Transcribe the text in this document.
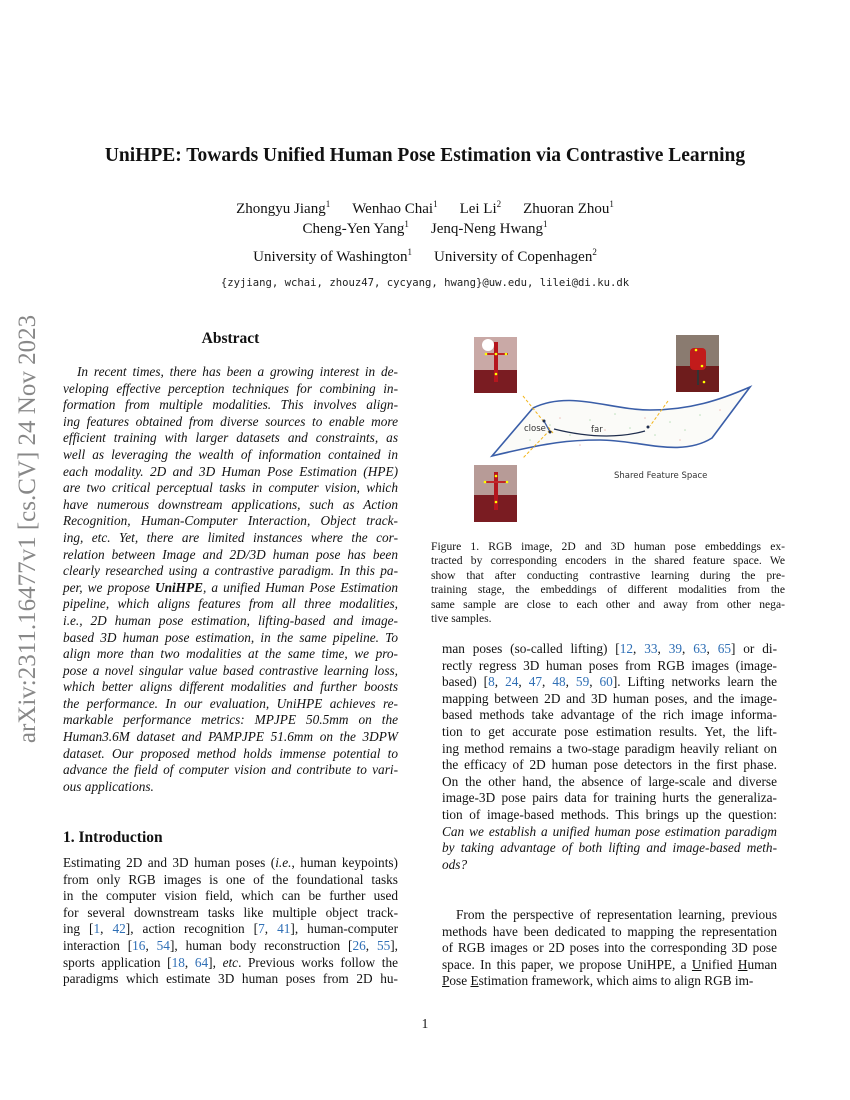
arXiv:2311.16477v1 [cs.CV] 24 Nov 2023
UniHPE: Towards Unified Human Pose Estimation via Contrastive Learning
Zhongyu Jiang$^1$ Wenhao Chai$^1$ Lei Li$^2$ Zhuoran Zhou$^1$
Cheng-Yen Yang$^1$ Jenq-Neng Hwang$^1$
University of Washington$^1$ University of Copenhagen$^2$
{zyjiang, wchai, zhouz47, cycyang, hwang}@uw.edu, lilei@di.ku.dk
Abstract
In recent times, there has been a growing interest in de-
veloping effective perception techniques for combining in-
formation from multiple modalities. This involves align-
ing features obtained from diverse sources to enable more
efficient training with larger datasets and constraints, as
well as leveraging the wealth of information contained in
each modality. 2D and 3D Human Pose Estimation (HPE)
are two critical perceptual tasks in computer vision, which
have numerous downstream applications, such as Action
Recognition, Human-Computer Interaction, Object track-
ing, etc. Yet, there are limited instances where the cor-
relation between Image and 2D/3D human pose has been
clearly researched using a contrastive paradigm. In this pa-
per, we propose UniHPE, a unified Human Pose Estimation
pipeline, which aligns features from all three modalities,
i.e., 2D human pose estimation, lifting-based and image-
based 3D human pose estimation, in the same pipeline. To
align more than two modalities at the same time, we pro-
pose a novel singular value based contrastive learning loss,
which better aligns different modalities and further boosts
the performance. In our evaluation, UniHPE achieves re-
markable performance metrics: MPJPE 50.5mm on the
Human3.6M dataset and PAMPJPE 51.6mm on the 3DPW
dataset. Our proposed method holds immense potential to
advance the field of computer vision and contribute to vari-
ous applications.
1. Introduction
Estimating 2D and 3D human poses (i.e., human keypoints)
from only RGB images is one of the foundational tasks
in the computer vision field, which can be further used
for several downstream tasks like multiple object track-
ing [1, 42], action recognition [7, 41], human-computer
interaction [16, 54], human body reconstruction [26, 55],
sports application [18, 64], etc. Previous works follow the
paradigms which estimate 3D human poses from 2D hu-
close	far
Shared Feature Space
Figure 1. RGB image, 2D and 3D human pose embeddings ex-
tracted by corresponding encoders in the shared feature space. We
show that after conducting contrastive learning during the pre-
training stage, the embeddings of different modalities from the
same sample are close to each other and away from other nega-
tive samples.
man poses (so-called lifting) [12, 33, 39, 63, 65] or di-
rectly regress 3D human poses from RGB images (image-
based) [8, 24, 47, 48, 59, 60]. Lifting networks learn the
mapping between 2D and 3D human poses, and the image-
based methods take advantage of the rich image informa-
tion to get accurate pose estimation results. Yet, the lift-
ing method remains a two-stage paradigm heavily reliant on
the efficacy of 2D human pose detectors in the first phase.
On the other hand, the absence of large-scale and diverse
image-3D pose pairs data for training hurts the generaliza-
tion of image-based methods. This brings up the question:
Can we establish a unified human pose estimation paradigm
by taking advantage of both lifting and image-based meth-
ods?
From the perspective of representation learning, previous
methods have been dedicated to mapping the representation
of RGB images or 2D poses into the corresponding 3D pose
space. In this paper, we propose UniHPE, a Unified Human
Pose Estimation framework, which aims to align RGB im-
1
